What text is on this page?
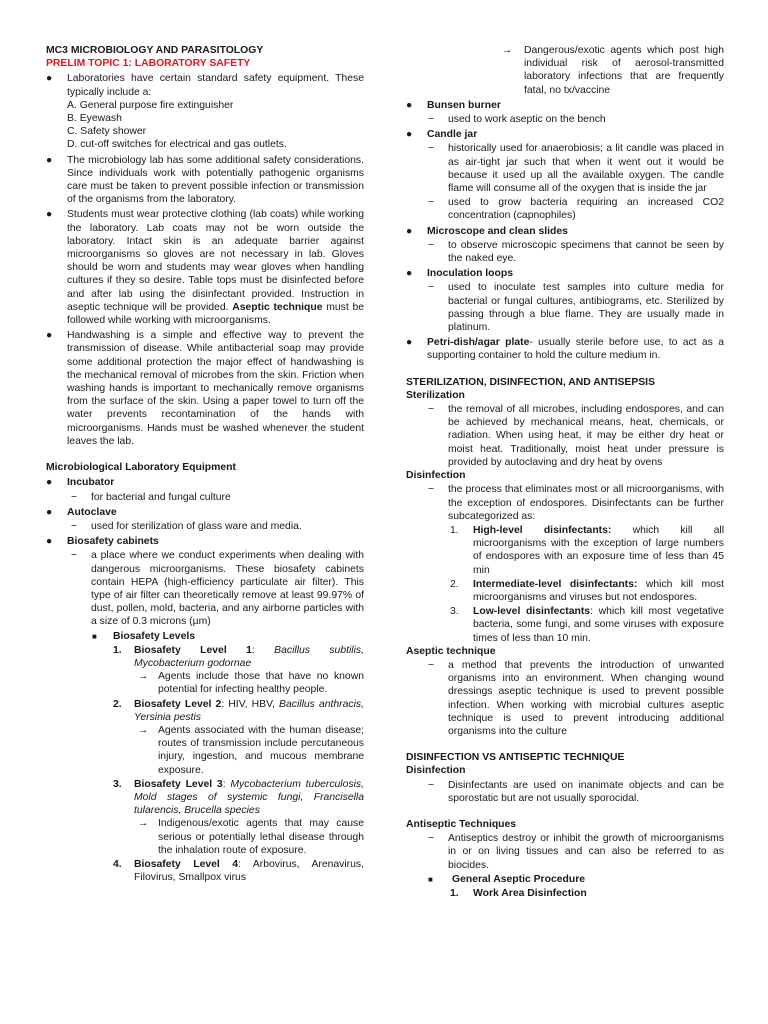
MC3 MICROBIOLOGY AND PARASITOLOGY

PRELIM TOPIC 1: LABORATORY SAFETY

●	Laboratories have certain standard safety equipment. These typically include a:

A. General purpose fire extinguisher

B. Eyewash

C. Safety shower

D. cut-off switches for electrical and gas outlets.

●	The microbiology lab has some additional safety considerations. Since individuals work with potentially pathogenic organisms care must be taken to prevent possible infection or transmission of the organisms from the laboratory.

●	Students must wear protective clothing (lab coats) while working the laboratory. Lab coats may not be worn outside the laboratory. Intact skin is an adequate barrier against microorganisms so gloves are not necessary in lab. Gloves should be worn and students may wear gloves when handling cultures if they so desire. Table tops must be disinfected before and after lab using the disinfectant provided. Instruction in aseptic technique will be provided. Aseptic technique must be followed while working with microorganisms.

●	Handwashing is a simple and effective way to prevent the transmission of disease. While antibacterial soap may provide some additional protection the major effect of handwashing is the mechanical removal of microbes from the skin. Friction when washing hands is important to mechanically remove organisms from the surface of the skin. Using a paper towel to turn off the water prevents recontamination of the hands with microorganisms. Hands must be washed whenever the student leaves the lab.

Microbiological Laboratory Equipment

●	Incubator

− for bacterial and fungal culture

●	Autoclave

− used for sterilization of glass ware and media.

●	Biosafety cabinets

− a place where we conduct experiments when dealing with dangerous microorganisms. These biosafety cabinets contain HEPA (high-efficiency particulate air filter). This type of air filter can theoretically remove at least 99.97% of dust, pollen, mold, bacteria, and any airborne particles with a size of 0.3 microns (µm)

■ Biosafety Levels

1. Biosafety Level 1: Bacillus subtilis, Mycobacterium godornae

→ Agents include those that have no known potential for infecting healthy people.

2. Biosafety Level 2: HIV, HBV, Bacillus anthracis, Yersinia pestis

→ Agents associated with the human disease; routes of transmission include percutaneous injury, ingestion, and mucous membrane exposure.

3. Biosafety Level 3: Mycobacterium tuberculosis, Mold stages of systemic fungi, Francisella tularencis, Brucella species

→ Indigenous/exotic agents that may cause serious or potentially lethal disease through the inhalation route of exposure.

4. Biosafety Level 4: Arbovirus, Arenavirus, Filovirus, Smallpox virus

→ Dangerous/exotic agents which post high individual risk of aerosol-transmitted laboratory infections that are frequently fatal, no tx/vaccine

●	Bunsen burner

− used to work aseptic on the bench

●	Candle jar

− historically used for anaerobiosis; a lit candle was placed in as air-tight jar such that when it went out it would be because it used up all the available oxygen. The candle flame will consume all of the oxygen that is inside the jar

− used to grow bacteria requiring an increased CO2 concentration (capnophiles)

●	Microscope and clean slides

− to observe microscopic specimens that cannot be seen by the naked eye.

●	Inoculation loops

− used to inoculate test samples into culture media for bacterial or fungal cultures, antibiograms, etc. Sterilized by passing through a blue flame. They are usually made in platinum.

●	Petri-dish/agar plate- usually sterile before use, to act as a supporting container to hold the culture medium in.

STERILIZATION, DISINFECTION, AND ANTISEPSIS

Sterilization

− the removal of all microbes, including endospores, and can be achieved by mechanical means, heat, chemicals, or radiation. When using heat, it may be either dry heat or moist heat. Traditionally, moist heat under pressure is provided by autoclaving and dry heat by ovens

Disinfection

− the process that eliminates most or all microorganisms, with the exception of endospores. Disinfectants can be further subcategorized as:

1. High-level disinfectants: which kill all microorganisms with the exception of large numbers of endospores with an exposure time of less than 45 min

2. Intermediate-level disinfectants: which kill most microorganisms and viruses but not endospores.

3. Low-level disinfectants: which kill most vegetative bacteria, some fungi, and some viruses with exposure times of less than 10 min.

Aseptic technique

− a method that prevents the introduction of unwanted organisms into an environment. When changing wound dressings aseptic technique is used to prevent possible infection. When working with microbial cultures aseptic technique is used to prevent introducing additional organisms into the culture

DISINFECTION VS ANTISEPTIC TECHNIQUE

Disinfection

− Disinfectants are used on inanimate objects and can be sporostatic but are not usually sporocidal.

Antiseptic Techniques

− Antiseptics destroy or inhibit the growth of microorganisms in or on living tissues and can also be referred to as biocides.

■ General Aseptic Procedure

1. Work Area Disinfection
